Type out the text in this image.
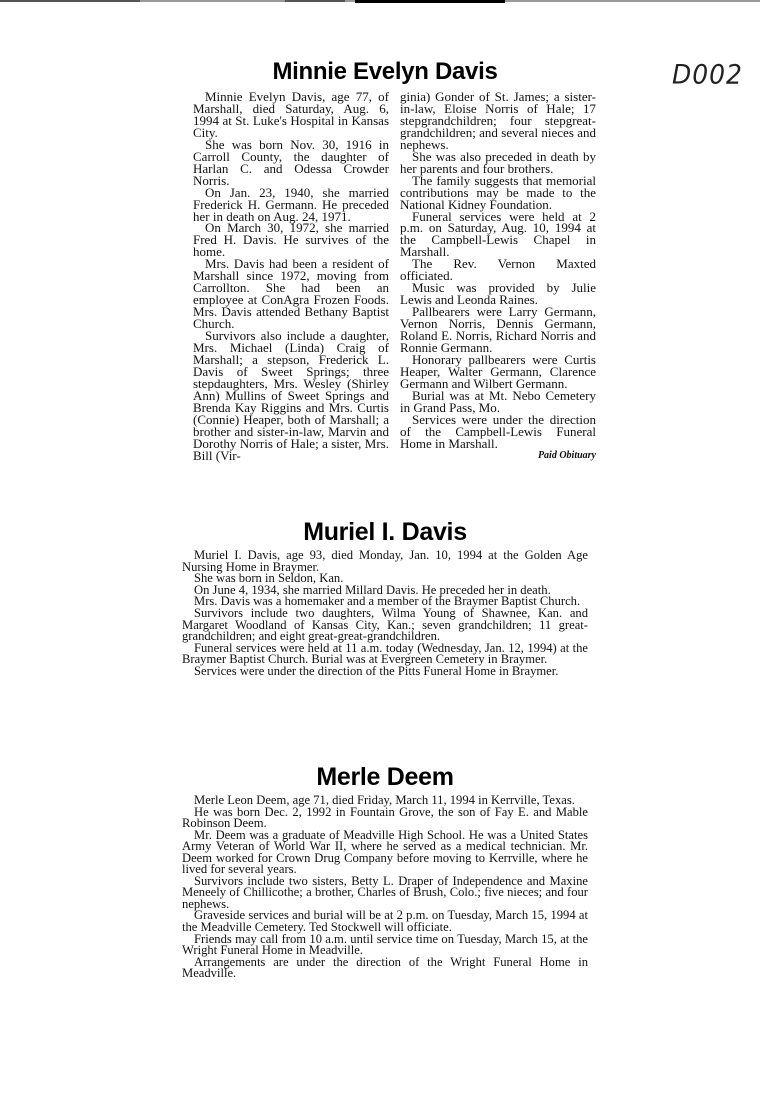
D002
Minnie Evelyn Davis

Minnie Evelyn Davis, age 77, of Marshall, died Saturday, Aug. 6, 1994 at St. Luke's Hospital in Kansas City.

She was born Nov. 30, 1916 in Carroll County, the daughter of Harlan C. and Odessa Crowder Norris.

On Jan. 23, 1940, she married Frederick H. Germann. He preceded her in death on Aug. 24, 1971.

On March 30, 1972, she married Fred H. Davis. He survives of the home.

Mrs. Davis had been a resident of Marshall since 1972, moving from Carrollton. She had been an employee at ConAgra Frozen Foods. Mrs. Davis attended Bethany Baptist Church.

Survivors also include a daughter, Mrs. Michael (Linda) Craig of Marshall; a stepson, Frederick L. Davis of Sweet Springs; three stepdaughters, Mrs. Wesley (Shirley Ann) Mullins of Sweet Springs and Brenda Kay Riggins and Mrs. Curtis (Connie) Heaper, both of Marshall; a brother and sister-in-law, Marvin and Dorothy Norris of Hale; a sister, Mrs. Bill (Vir-

ginia) Gonder of St. James; a sister-in-law, Eloise Norris of Hale; 17 stepgrandchildren; four stepgreat-grandchildren; and several nieces and nephews.

She was also preceded in death by her parents and four brothers.

The family suggests that memorial contributions may be made to the National Kidney Foundation.

Funeral services were held at 2 p.m. on Saturday, Aug. 10, 1994 at the Campbell-Lewis Chapel in Marshall.

The Rev. Vernon Maxted officiated.

Music was provided by Julie Lewis and Leonda Raines.

Pallbearers were Larry Germann, Vernon Norris, Dennis Germann, Roland E. Norris, Richard Norris and Ronnie Germann.

Honorary pallbearers were Curtis Heaper, Walter Germann, Clarence Germann and Wilbert Germann.

Burial was at Mt. Nebo Cemetery in Grand Pass, Mo.

Services were under the direction of the Campbell-Lewis Funeral Home in Marshall.

Paid Obituary

Muriel I. Davis

Muriel I. Davis, age 93, died Monday, Jan. 10, 1994 at the Golden Age Nursing Home in Braymer.

She was born in Seldon, Kan.

On June 4, 1934, she married Millard Davis. He preceded her in death.

Mrs. Davis was a homemaker and a member of the Braymer Baptist Church.

Survivors include two daughters, Wilma Young of Shawnee, Kan. and Margaret Woodland of Kansas City, Kan.; seven grandchildren; 11 great-grandchildren; and eight great-great-grandchildren.

Funeral services were held at 11 a.m. today (Wednesday, Jan. 12, 1994) at the Braymer Baptist Church. Burial was at Evergreen Cemetery in Braymer.

Services were under the direction of the Pitts Funeral Home in Braymer.

Merle Deem

Merle Leon Deem, age 71, died Friday, March 11, 1994 in Kerrville, Texas.

He was born Dec. 2, 1992 in Fountain Grove, the son of Fay E. and Mable Robinson Deem.

Mr. Deem was a graduate of Meadville High School. He was a United States Army Veteran of World War II, where he served as a medical technician. Mr. Deem worked for Crown Drug Company before moving to Kerrville, where he lived for several years.

Survivors include two sisters, Betty L. Draper of Independence and Maxine Meneely of Chillicothe; a brother, Charles of Brush, Colo.; five nieces; and four nephews.

Graveside services and burial will be at 2 p.m. on Tuesday, March 15, 1994 at the Meadville Cemetery. Ted Stockwell will officiate.

Friends may call from 10 a.m. until service time on Tuesday, March 15, at the Wright Funeral Home in Meadville.

Arrangements are under the direction of the Wright Funeral Home in Meadville.
